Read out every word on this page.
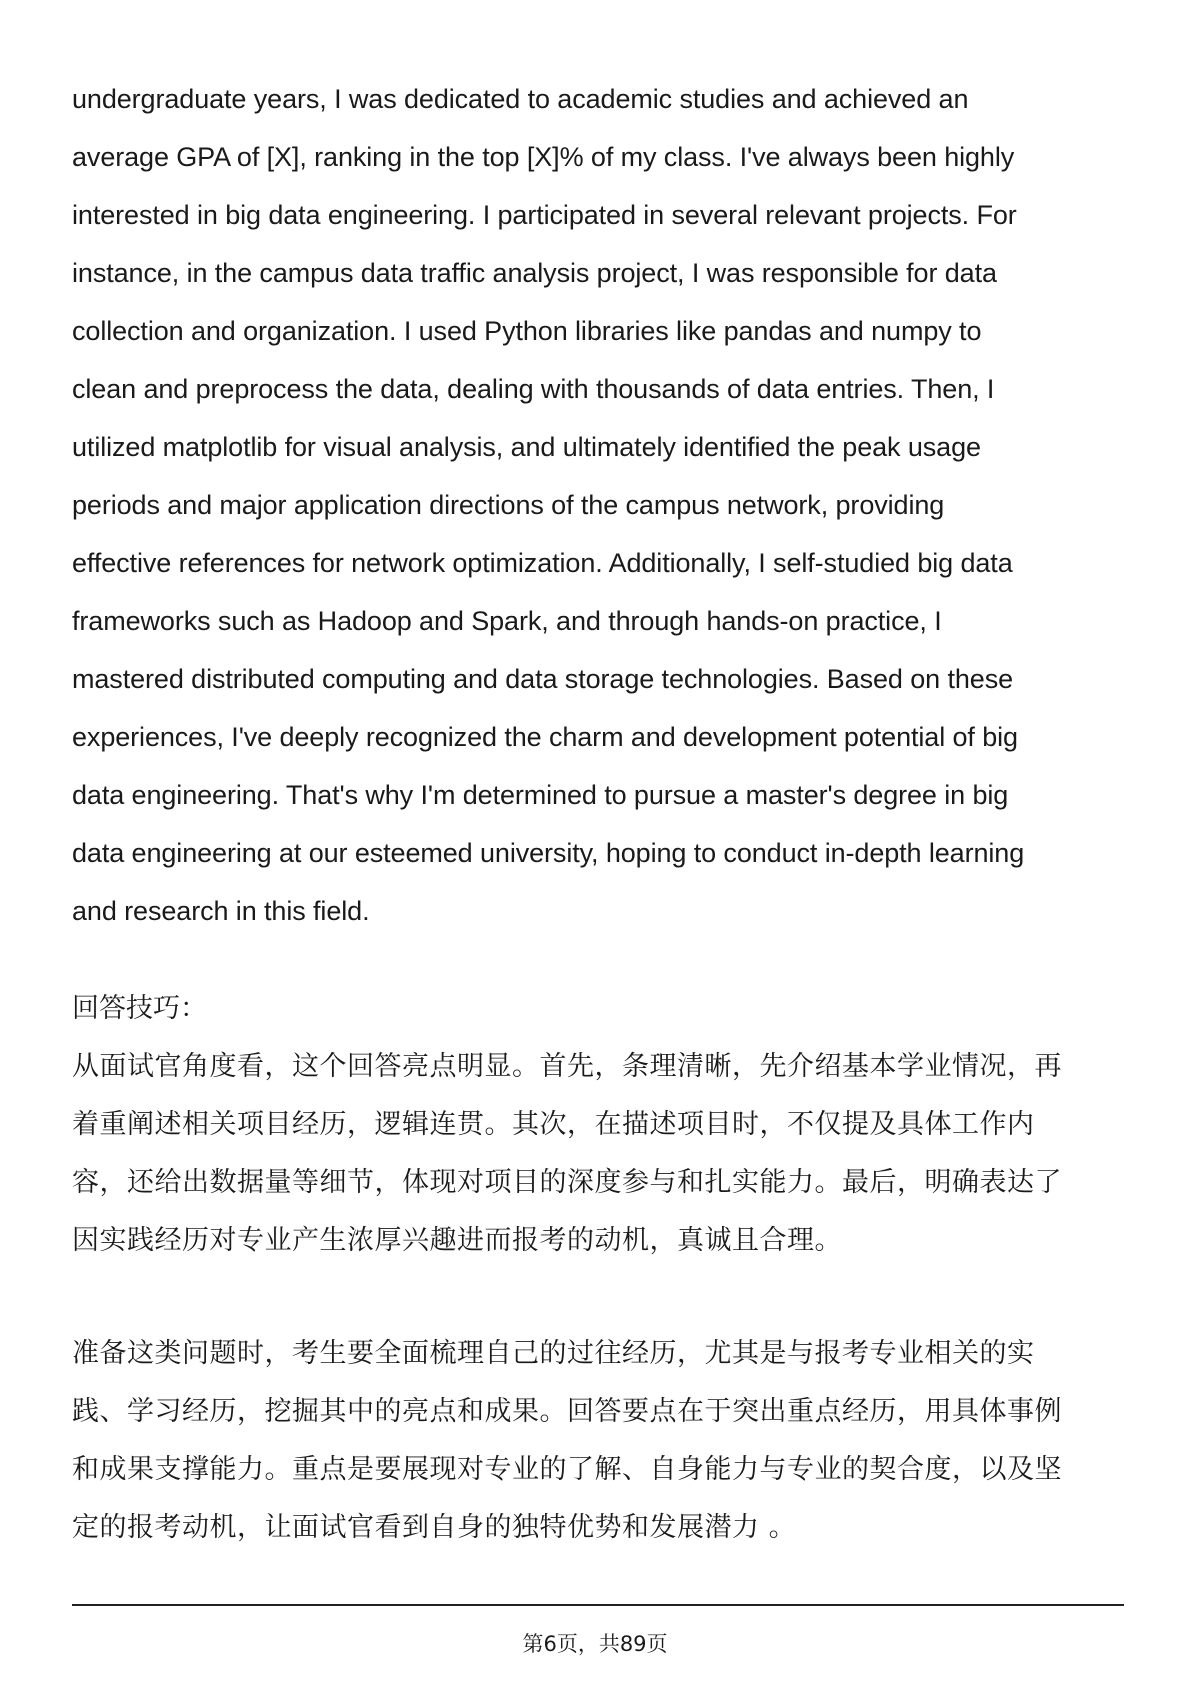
undergraduate years, I was dedicated to academic studies and achieved an
average GPA of [X], ranking in the top [X]% of my class. I've always been highly
interested in big data engineering. I participated in several relevant projects. For
instance, in the campus data traffic analysis project, I was responsible for data
collection and organization. I used Python libraries like pandas and numpy to
clean and preprocess the data, dealing with thousands of data entries. Then, I
utilized matplotlib for visual analysis, and ultimately identified the peak usage
periods and major application directions of the campus network, providing
effective references for network optimization. Additionally, I self-studied big data
frameworks such as Hadoop and Spark, and through hands-on practice, I
mastered distributed computing and data storage technologies. Based on these
experiences, I've deeply recognized the charm and development potential of big
data engineering. That's why I'm determined to pursue a master's degree in big
data engineering at our esteemed university, hoping to conduct in-depth learning
and research in this field.
回答技巧：
从面试官角度看，这个回答亮点明显。首先，条理清晰，先介绍基本学业情况，再
着重阐述相关项目经历，逻辑连贯。其次，在描述项目时，不仅提及具体工作内
容，还给出数据量等细节，体现对项目的深度参与和扎实能力。最后，明确表达了
因实践经历对专业产生浓厚兴趣进而报考的动机，真诚且合理。
准备这类问题时，考生要全面梳理自己的过往经历，尤其是与报考专业相关的实
践、学习经历，挖掘其中的亮点和成果。回答要点在于突出重点经历，用具体事例
和成果支撑能力。重点是要展现对专业的了解、自身能力与专业的契合度，以及坚
定的报考动机，让面试官看到自身的独特优势和发展潜力 。
第6页，共89页
